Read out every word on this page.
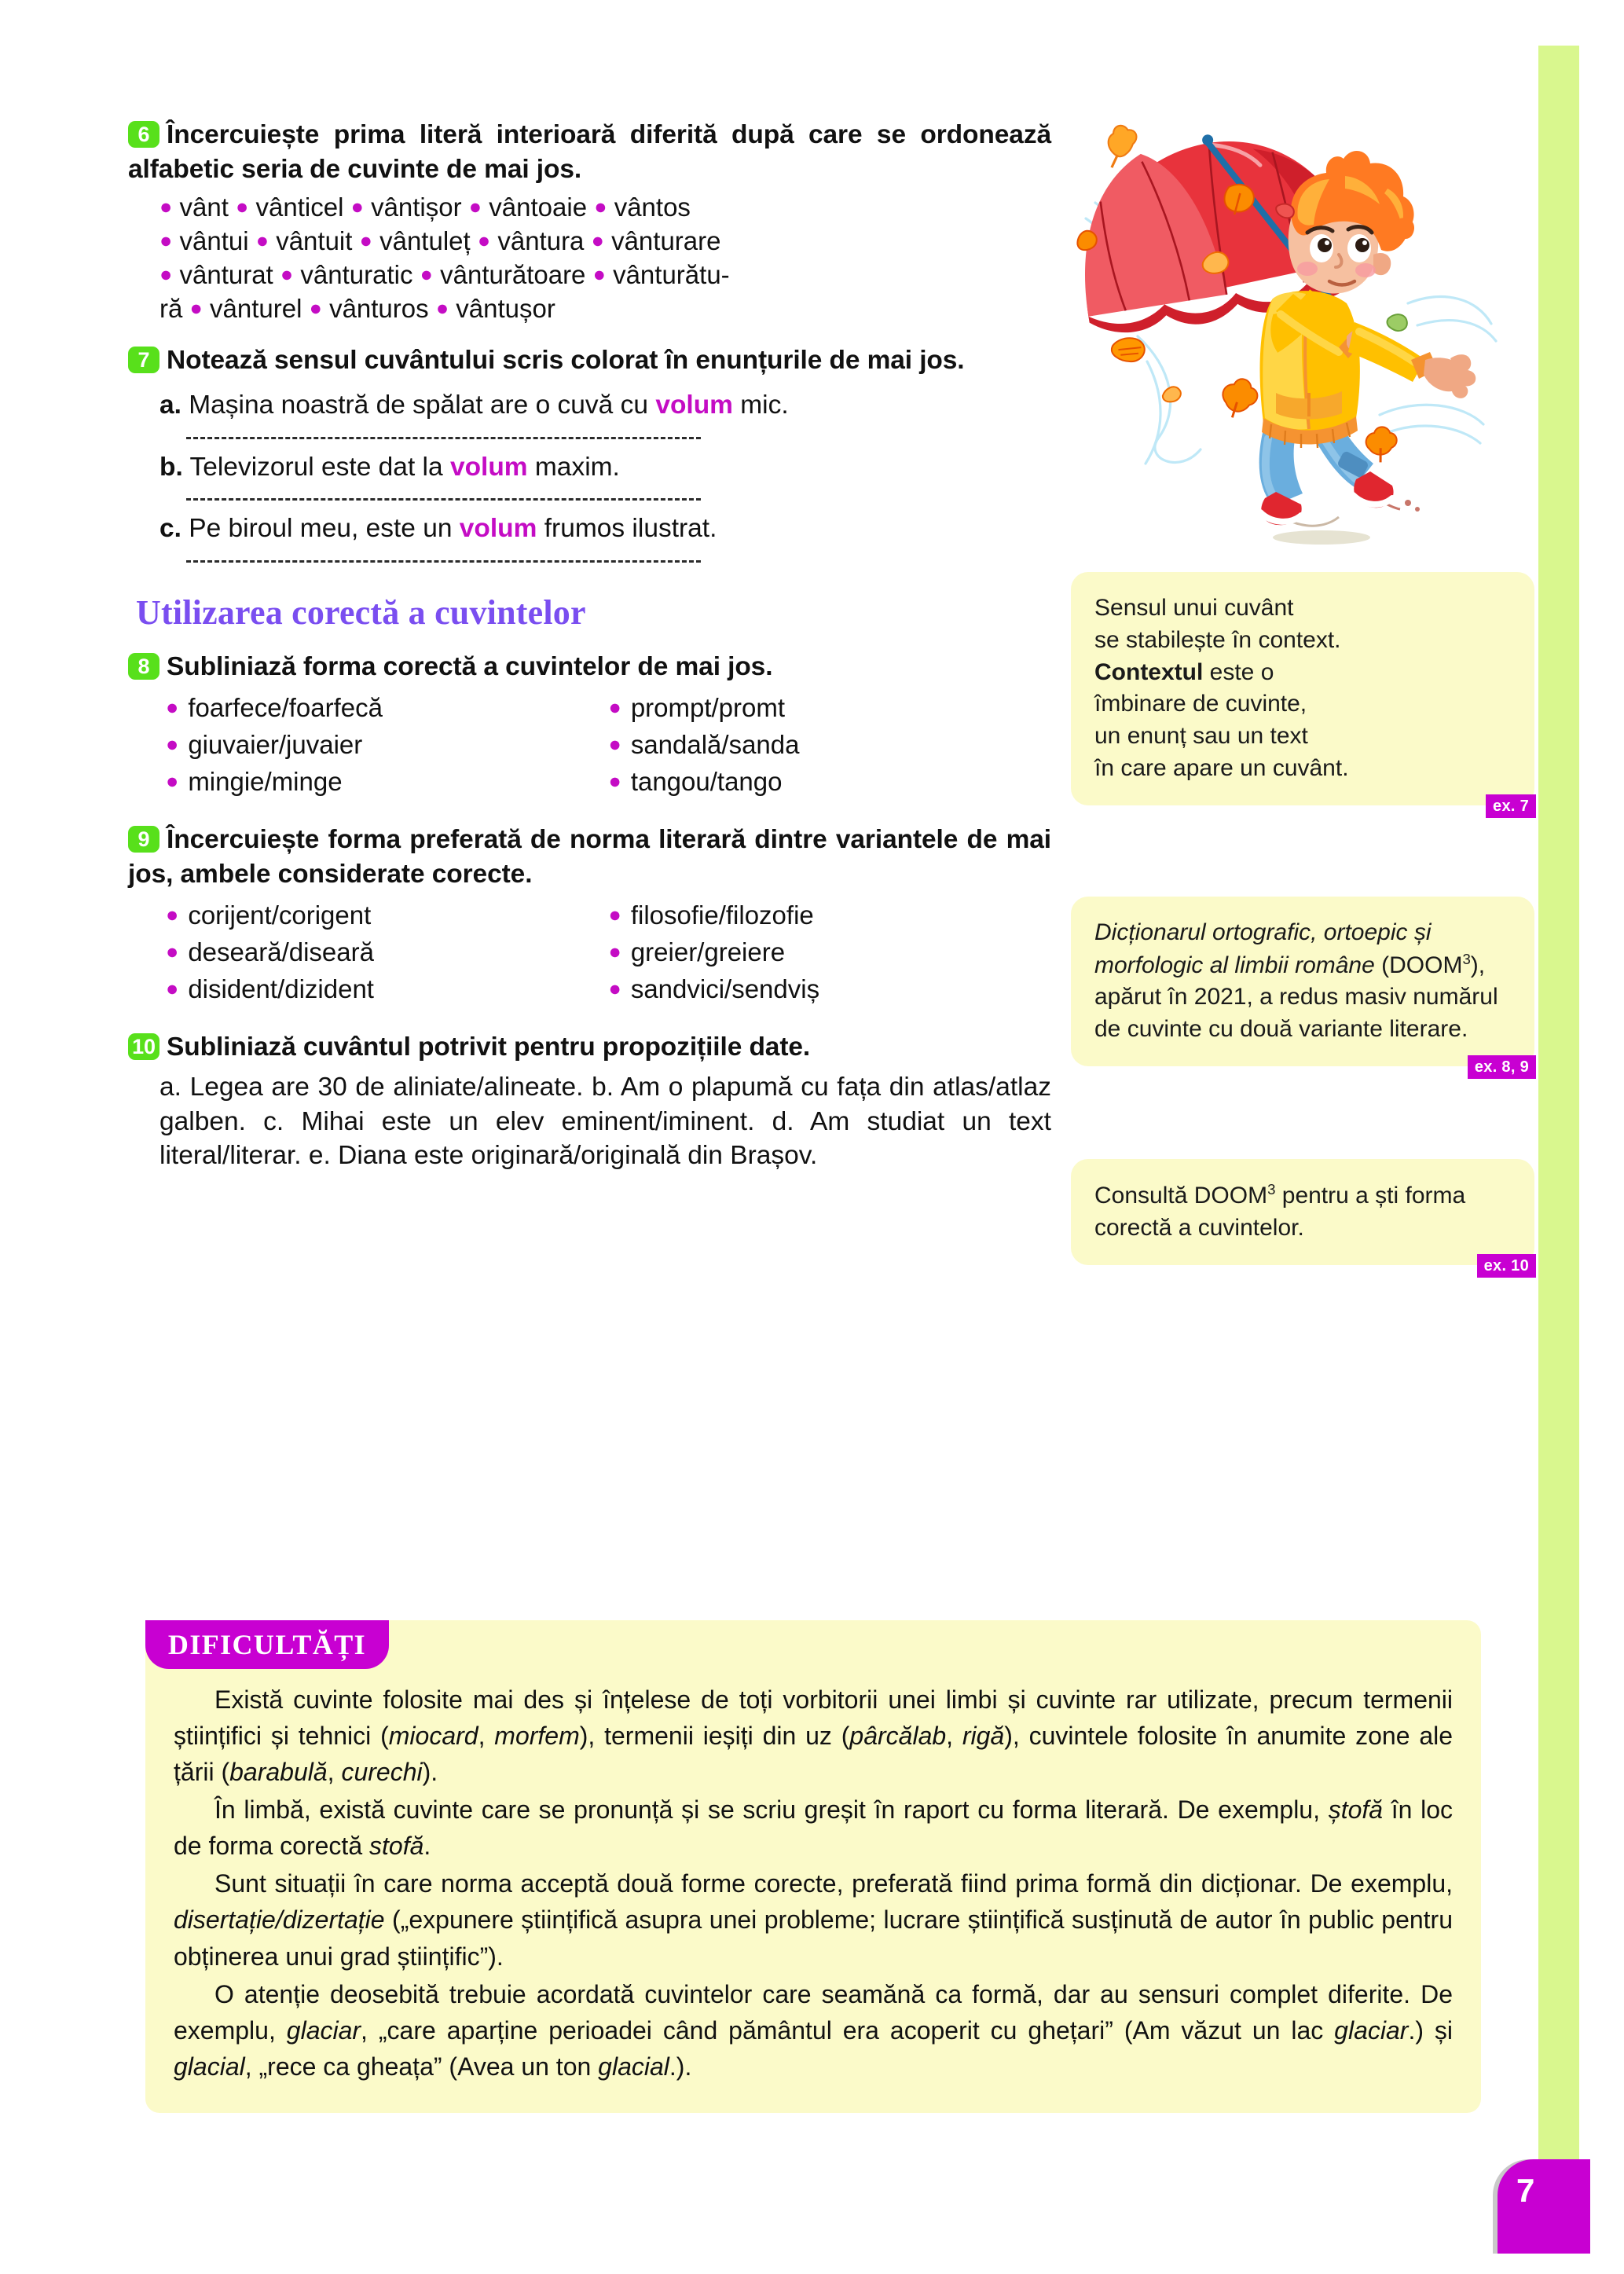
7
6 Încercuiește prima literă interioară diferită după care se ordonează alfabetic seria de cuvinte de mai jos.
● vânt ● vânticel ● vântișor ● vântoaie ● vântos
● vântui ● vântuit ● vântuleț ● vântura ● vânturare
● vânturat ● vânturatic ● vânturătoare ● vânturătu-
ră ● vânturel ● vânturos ● vântușor
7 Notează sensul cuvântului scris colorat în enunțurile de mai jos.
a. Mașina noastră de spălat are o cuvă cu volum mic.
b. Televizorul este dat la volum maxim.
c. Pe biroul meu, este un volum frumos ilustrat.
Utilizarea corectă a cuvintelor
8 Subliniază forma corectă a cuvintelor de mai jos.
● foarfece/foarfecă
● giuvaier/juvaier
● mingie/minge
● prompt/promt
● sandală/sanda
● tangou/tango
9 Încercuiește forma preferată de norma literară dintre variantele de mai jos, ambele considerate corecte.
● corijent/corigent
● deseară/diseară
● disident/dizident
● filosofie/filozofie
● greier/greiere
● sandvici/sendviș
10 Subliniază cuvântul potrivit pentru propozițiile date.
a. Legea are 30 de aliniate/alineate. b. Am o plapumă cu fața din atlas/atlaz galben. c. Mihai este un elev eminent/iminent. d. Am studiat un text literal/literar. e. Diana este originară/originală din Brașov.
Sensul unui cuvânt
se stabilește în context.
Contextul este o
îmbinare de cuvinte,
un enunț sau un text
în care apare un cuvânt.
ex. 7
Dicționarul ortografic, ortoepic și morfologic al limbii române (DOOM$^3$), apărut în 2021, a redus masiv numărul de cuvinte cu două variante literare.
ex. 8, 9
Consultă DOOM$^3$ pentru a ști forma corectă a cuvintelor.
ex. 10
DIFICULTĂȚI

Există cuvinte folosite mai des și înțelese de toți vorbitorii unei limbi și cuvinte rar utilizate, precum termenii științifici și tehnici (miocard, morfem), termenii ieșiți din uz (pârcălab, rigă), cuvintele folosite în anumite zone ale țării (barabulă, curechi).

În limbă, există cuvinte care se pronunță și se scriu greșit în raport cu forma literară. De exemplu, ștofă în loc de forma corectă stofă.

Sunt situații în care norma acceptă două forme corecte, preferată fiind prima formă din dicționar. De exemplu, disertație/dizertație („expunere științifică asupra unei probleme; lucrare științifică susținută de autor în public pentru obținerea unui grad științific”).

O atenție deosebită trebuie acordată cuvintelor care seamănă ca formă, dar au sensuri complet diferite. De exemplu, glaciar, „care aparține perioadei când pământul era acoperit cu ghețari” (Am văzut un lac glaciar.) și glacial, „rece ca gheața” (Avea un ton glacial.).
